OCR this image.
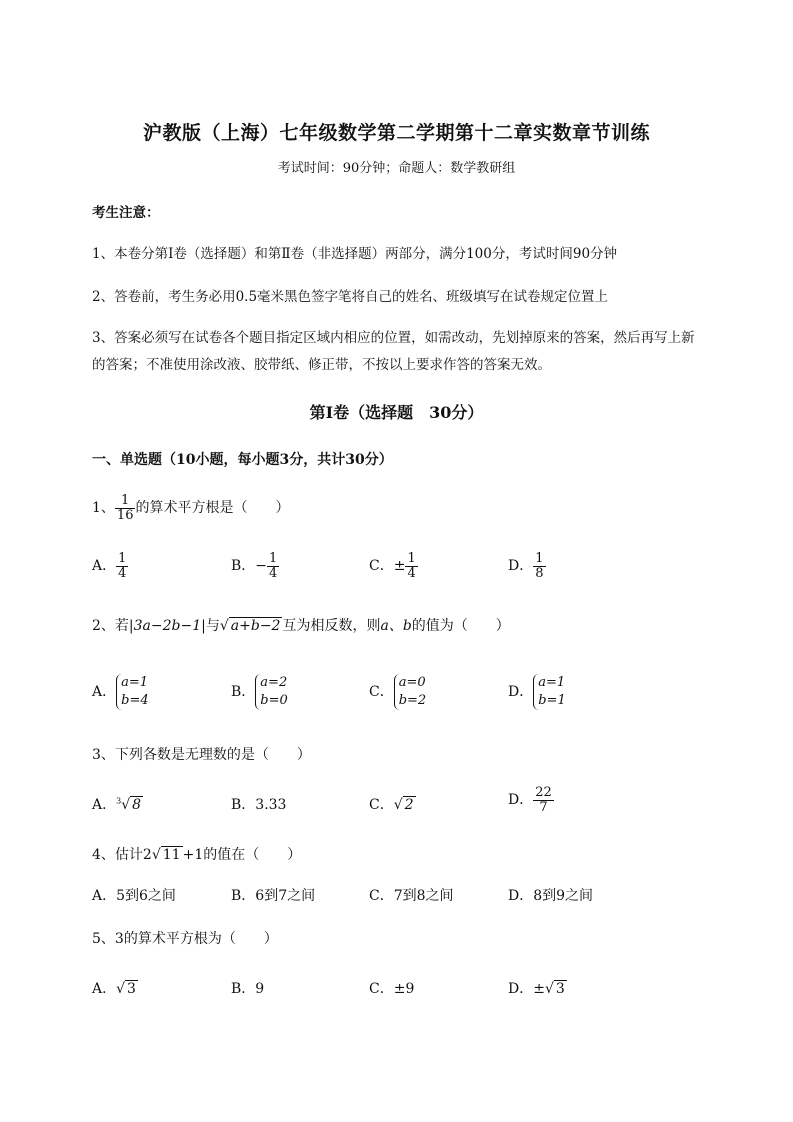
沪教版（上海）七年级数学第二学期第十二章实数章节训练
考试时间：90分钟；命题人：数学教研组
考生注意：
1、本卷分第I卷（选择题）和第Ⅱ卷（非选择题）两部分，满分100分，考试时间90分钟
2、答卷前，考生务必用0.5毫米黑色签字笔将自己的姓名、班级填写在试卷规定位置上
3、答案必须写在试卷各个题目指定区域内相应的位置，如需改动，先划掉原来的答案，然后再写上新
的答案；不准使用涂改液、胶带纸、修正带，不按以上要求作答的答案无效。
第I卷（选择题　30分）
一、单选题（10小题，每小题3分，共计30分）
1、 $\frac{1}{16}$ 的算术平方根是（　　）
A． $\frac{1}{4}$	B．− $\frac{1}{4}$	C．± $\frac{1}{4}$	D． $\frac{1}{8}$
2、若|3a−2b−1|与√ a+b−2 互为相反数，则a、b的值为（　　）
A．a=1
b=4
B．a=2
b=0
C．a=0
b=2
D．a=1
b=1
3、下列各数是无理数的是（　　）
A．$^3$√ 8	B．3.33	C．√ 2	D． $\frac{22}{7}$
4、估计2√ 11 +1的值在（　　）
A．5到6之间	B．6到7之间	C．7到8之间	D．8到9之间
5、3的算术平方根为（　　）
A．√ 3	B．9	C．±9	D．±√ 3
